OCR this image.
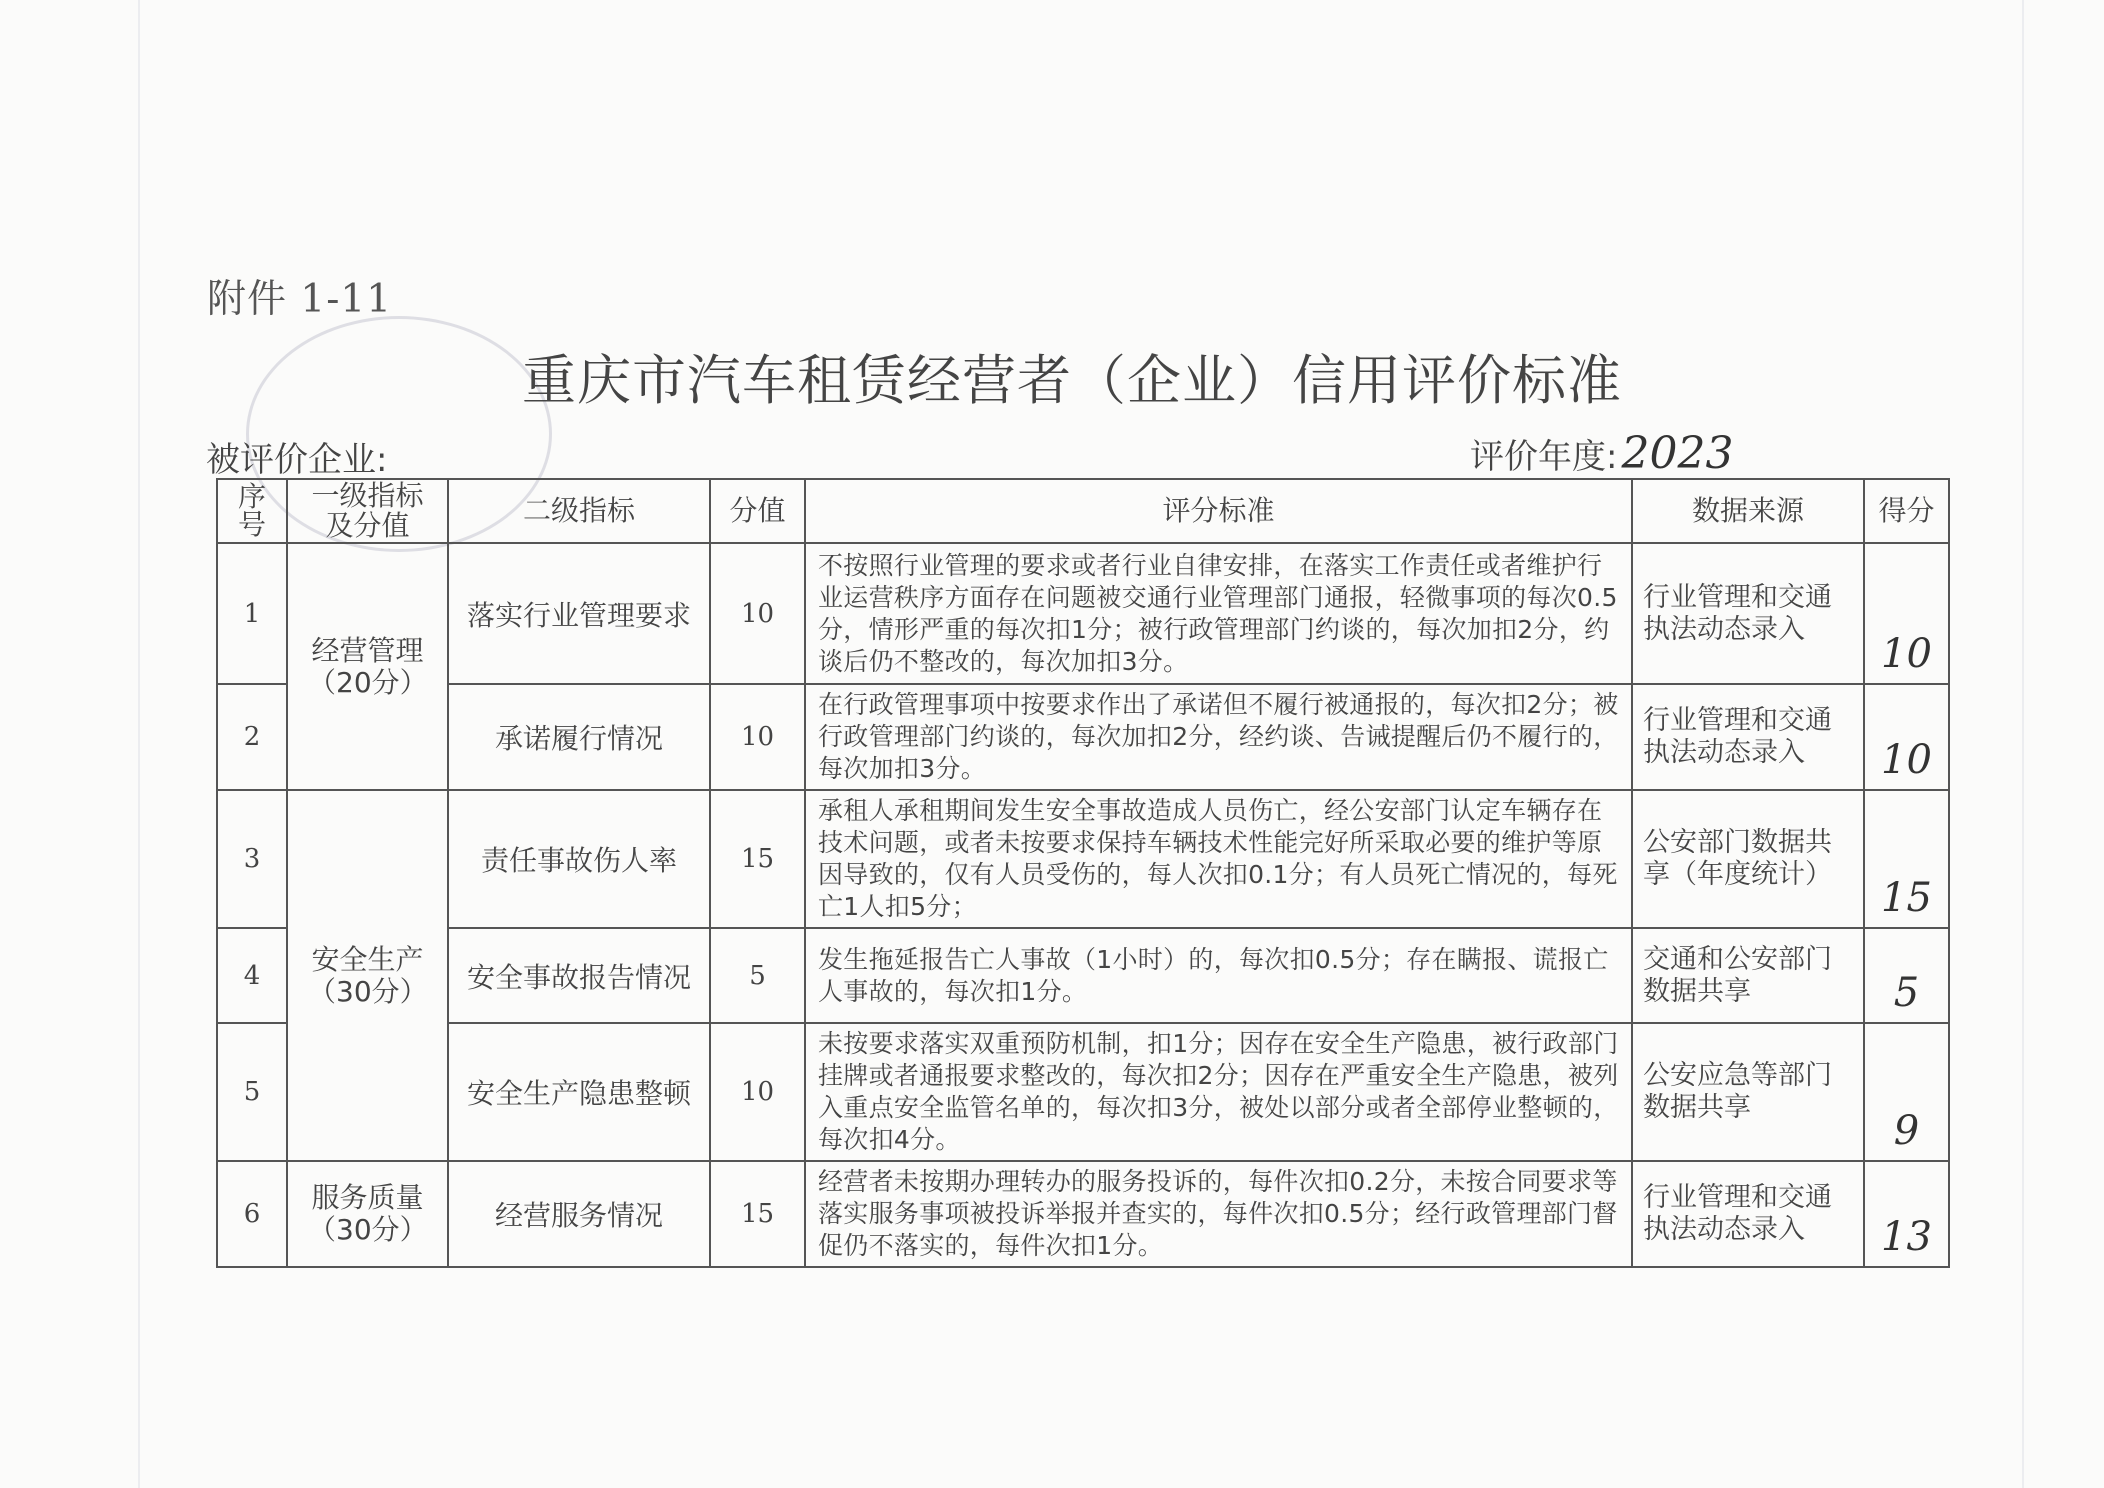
附件 1-11
重庆市汽车租赁经营者（企业）信用评价标准
被评价企业:	评价年度:2023
序号	一级指标及分值	二级指标	分值	评分标准	数据来源	得分
1	经营管理（20分）	落实行业管理要求	10	不按照行业管理的要求或者行业自律安排，在落实工作责任或者维护行业运营秩序方面存在问题被交通行业管理部门通报，轻微事项的每次0.5分，情形严重的每次扣1分；被行政管理部门约谈的，每次加扣2分，约谈后仍不整改的，每次加扣3分。	行业管理和交通执法动态录入	10
2		承诺履行情况	10	在行政管理事项中按要求作出了承诺但不履行被通报的，每次扣2分；被行政管理部门约谈的，每次加扣2分，经约谈、告诫提醒后仍不履行的，每次加扣3分。	行业管理和交通执法动态录入	10
3	安全生产（30分）	责任事故伤人率	15	承租人承租期间发生安全事故造成人员伤亡，经公安部门认定车辆存在技术问题，或者未按要求保持车辆技术性能完好所采取必要的维护等原因导致的，仅有人员受伤的，每人次扣0.1分；有人员死亡情况的，每死亡1人扣5分；	公安部门数据共享（年度统计）	15
4		安全事故报告情况	5	发生拖延报告亡人事故（1小时）的，每次扣0.5分；存在瞒报、谎报亡人事故的，每次扣1分。	交通和公安部门数据共享	5
5		安全生产隐患整顿	10	未按要求落实双重预防机制，扣1分；因存在安全生产隐患，被行政部门挂牌或者通报要求整改的，每次扣2分；因存在严重安全生产隐患，被列入重点安全监管名单的，每次扣3分，被处以部分或者全部停业整顿的，每次扣4分。	公安应急等部门数据共享	9
6	服务质量（30分）	经营服务情况	15	经营者未按期办理转办的服务投诉的，每件次扣0.2分，未按合同要求等落实服务事项被投诉举报并查实的，每件次扣0.5分；经行政管理部门督促仍不落实的，每件次扣1分。	行业管理和交通执法动态录入	13
